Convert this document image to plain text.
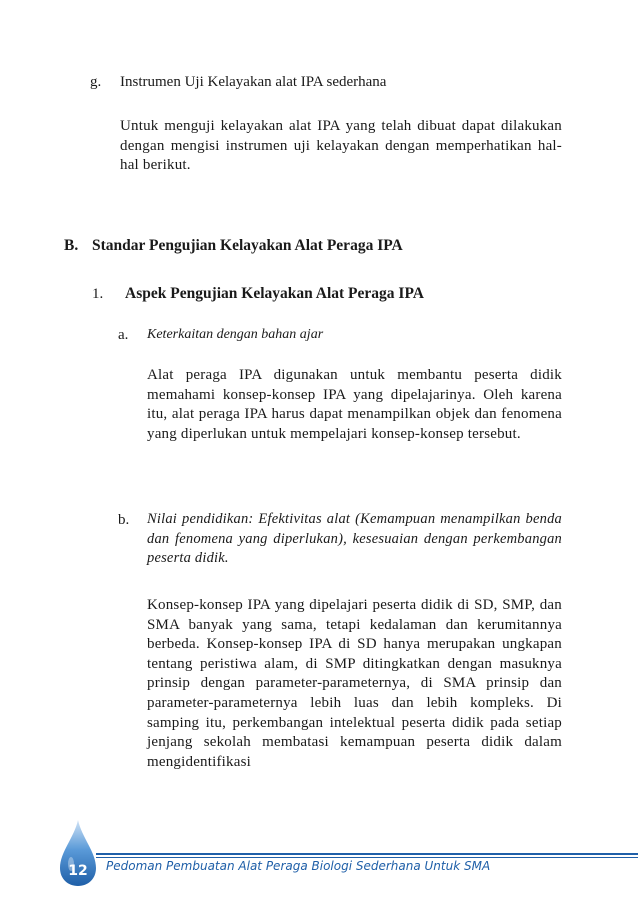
g. Instrumen Uji Kelayakan alat IPA sederhana
Untuk menguji kelayakan alat IPA yang telah dibuat dapat dilakukan dengan mengisi instrumen uji kelayakan dengan memperhatikan hal-hal berikut.
B. Standar Pengujian Kelayakan Alat Peraga IPA
1. Aspek Pengujian Kelayakan Alat Peraga IPA
a. Keterkaitan dengan bahan ajar
Alat peraga IPA digunakan untuk membantu peserta didik memahami konsep-konsep IPA yang dipelajarinya. Oleh karena itu, alat peraga IPA harus dapat menampilkan objek dan fenomena yang diperlukan untuk mempelajari konsep-konsep tersebut.
b. Nilai pendidikan: Efektivitas alat (Kemampuan menampilkan benda dan fenomena yang diperlukan), kesesuaian dengan perkembangan peserta didik.
Konsep-konsep IPA yang dipelajari peserta didik di SD, SMP, dan SMA banyak yang sama, tetapi kedalaman dan kerumitannya berbeda. Konsep-konsep IPA di SD hanya merupakan ungkapan tentang peristiwa alam, di SMP ditingkatkan dengan masuknya prinsip dengan parameter-parameternya, di SMA prinsip dan parameter-parameternya lebih luas dan lebih kompleks. Di samping itu, perkembangan intelektual peserta didik pada setiap jenjang sekolah membatasi kemampuan peserta didik dalam mengidentifikasi
12	Pedoman Pembuatan Alat Peraga Biologi Sederhana Untuk SMA
